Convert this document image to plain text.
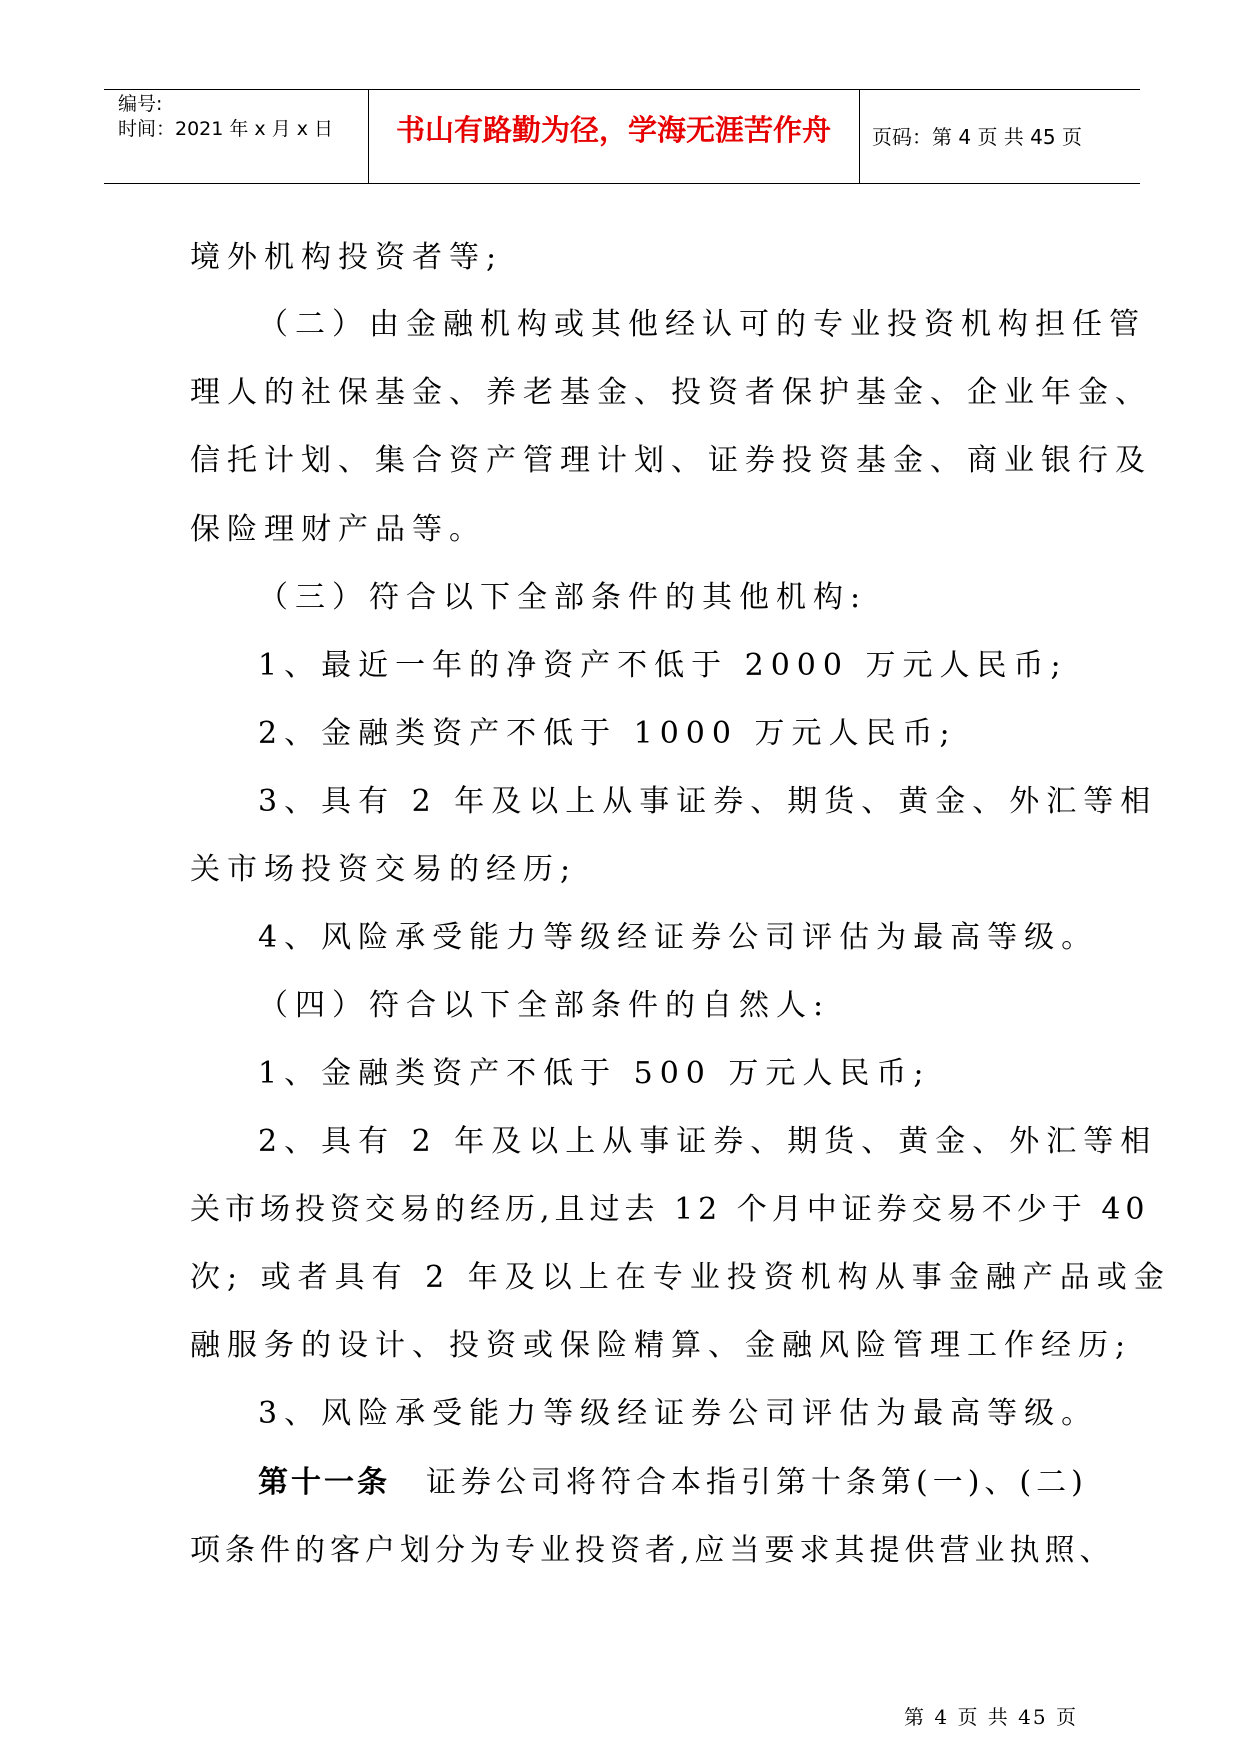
编号:
时间：2021 年 x 月 x 日	书山有路勤为径，学海无涯苦作舟	页码：第 4 页 共 45 页
境外机构投资者等;
（二）由金融机构或其他经认可的专业投资机构担任管
理人的社保基金、养老基金、投资者保护基金、企业年金、
信托计划、集合资产管理计划、证券投资基金、商业银行及
保险理财产品等。
（三）符合以下全部条件的其他机构:
1、最近一年的净资产不低于 2000 万元人民币;
2、金融类资产不低于 1000 万元人民币;
3、具有 2 年及以上从事证券、期货、黄金、外汇等相
关市场投资交易的经历;
4、风险承受能力等级经证券公司评估为最高等级。
（四）符合以下全部条件的自然人:
1、金融类资产不低于 500 万元人民币;
2、具有 2 年及以上从事证券、期货、黄金、外汇等相
关市场投资交易的经历,且过去 12 个月中证券交易不少于 40
次; 或者具有 2 年及以上在专业投资机构从事金融产品或金
融服务的设计、投资或保险精算、金融风险管理工作经历;
3、风险承受能力等级经证券公司评估为最高等级。
第十一条 证券公司将符合本指引第十条第(一)、(二)
项条件的客户划分为专业投资者,应当要求其提供营业执照、
第 4 页 共 45 页
